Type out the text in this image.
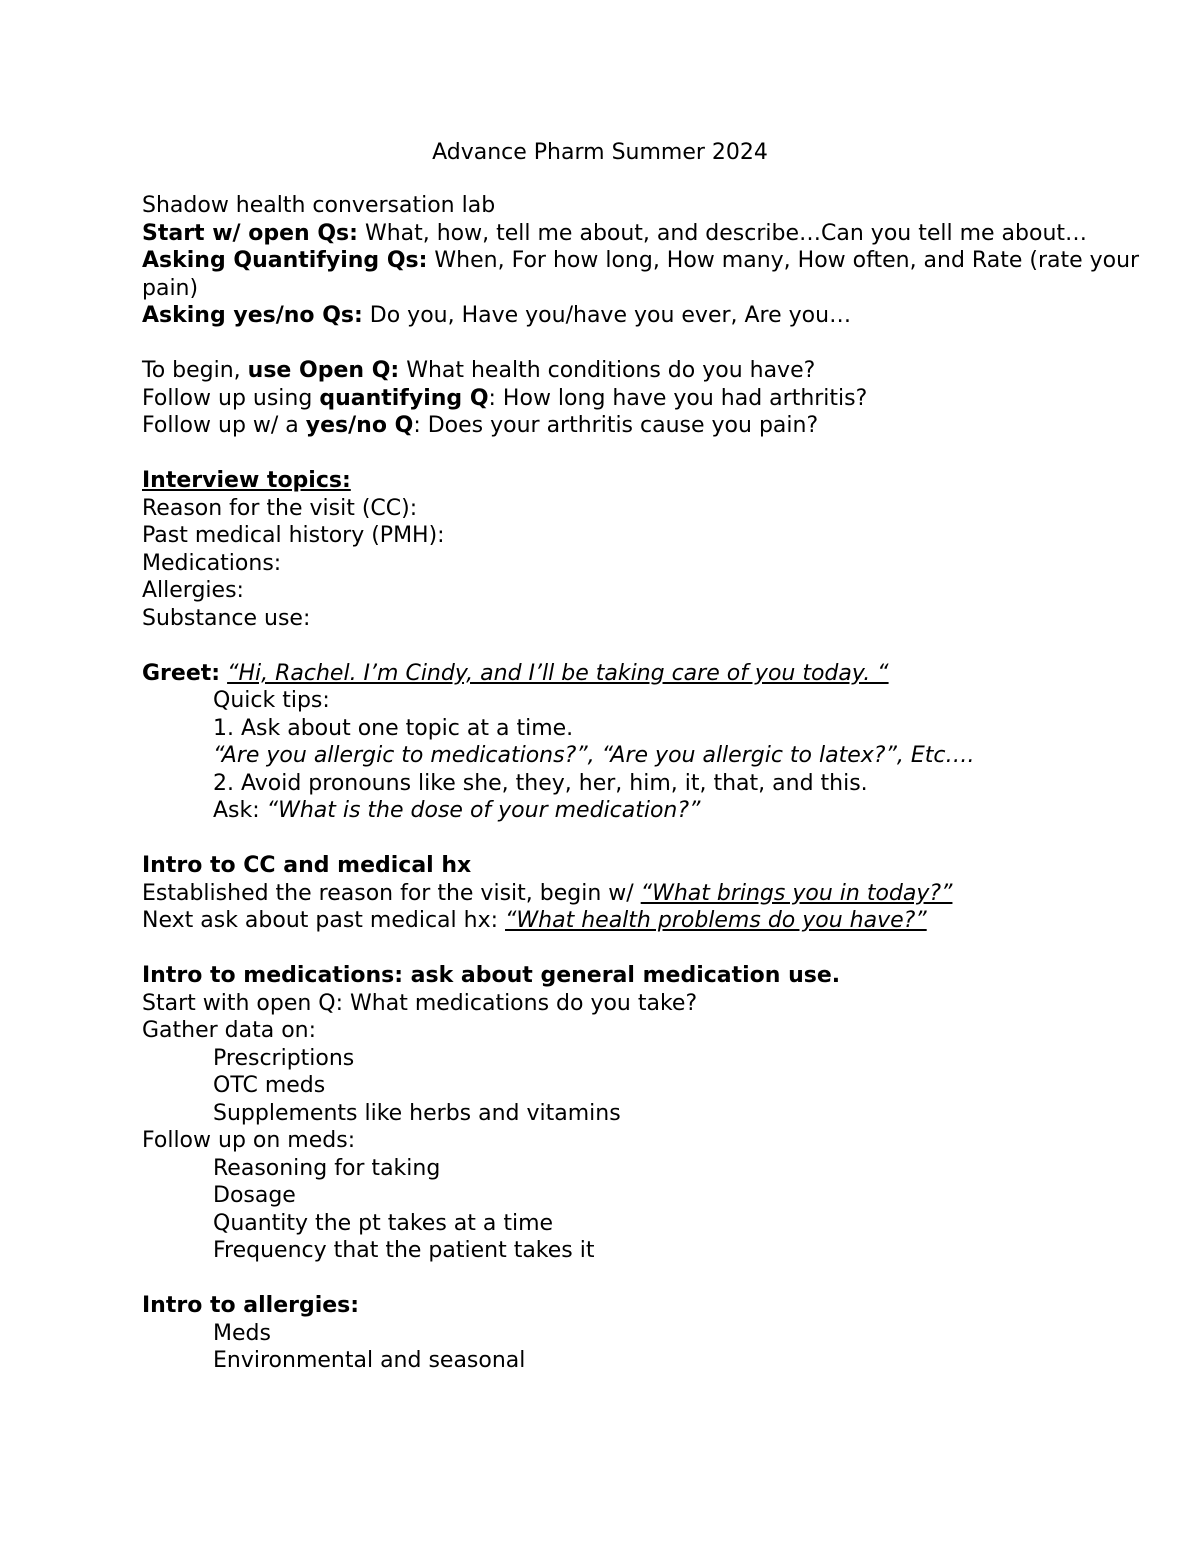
Advance Pharm Summer 2024
Shadow health conversation lab
Start w/ open Qs: What, how, tell me about, and describe…Can you tell me about…
Asking Quantifying Qs: When, For how long, How many, How often, and Rate (rate your pain)
Asking yes/no Qs: Do you, Have you/have you ever, Are you…
To begin, use Open Q: What health conditions do you have?
Follow up using quantifying Q: How long have you had arthritis?
Follow up w/ a yes/no Q: Does your arthritis cause you pain?
Interview topics:
Reason for the visit (CC):
Past medical history (PMH):
Medications:
Allergies:
Substance use:
Greet: “Hi, Rachel. I’m Cindy, and I’ll be taking care of you today. “
Quick tips:
1. Ask about one topic at a time.
“Are you allergic to medications?”, “Are you allergic to latex?”, Etc….
2. Avoid pronouns like she, they, her, him, it, that, and this.
Ask: “What is the dose of your medication?”
Intro to CC and medical hx
Established the reason for the visit, begin w/ “What brings you in today?”
Next ask about past medical hx: “What health problems do you have?”
Intro to medications: ask about general medication use.
Start with open Q: What medications do you take?
Gather data on:
Prescriptions
OTC meds
Supplements like herbs and vitamins
Follow up on meds:
Reasoning for taking
Dosage
Quantity the pt takes at a time
Frequency that the patient takes it
Intro to allergies:
Meds
Environmental and seasonal
